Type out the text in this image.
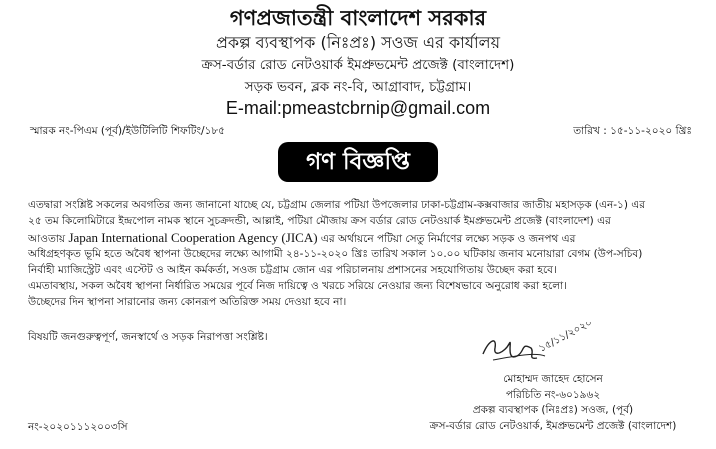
গণপ্রজাতন্ত্রী বাংলাদেশ সরকার
প্রকল্প ব্যবস্থাপক (নিঃপ্রঃ) সওজ এর কার্যালয়
ক্রস-বর্ডার রোড নেটওয়ার্ক ইমপ্রুভমেন্ট প্রজেক্ট (বাংলাদেশ)
সড়ক ভবন, ব্লক নং-বি, আগ্রাবাদ, চট্টগ্রাম।
E-mail:pmeastcbrnip@gmail.com
স্মারক নং-পিএম (পূর্ব)/ইউটিলিটি শিফটিং/১৮৫	তারিখ : ১৫-১১-২০২০ খ্রিঃ
গণ বিজ্ঞপ্তি
এতদ্বারা সংশ্লিষ্ট সকলের অবগতির জন্য জানানো যাচ্ছে যে, চট্টগ্রাম জেলার পটিয়া উপজেলার ঢাকা-চট্টগ্রাম-কক্সবাজার জাতীয় মহাসড়ক (এন-১) এর
২৫ তম কিলোমিটারে ইন্দ্রপোল নামক স্থানে সুচক্রদন্ডী, আল্লাই, পটিয়া মৌজায় ক্রস বর্ডার রোড নেটওয়ার্ক ইমপ্রুভমেন্ট প্রজেক্ট (বাংলাদেশ) এর
আওতায় Japan International Cooperation Agency (JICA) এর অর্থায়নে পটিয়া সেতু নির্মাণের লক্ষ্যে সড়ক ও জনপথ এর
অধিগ্রহণকৃত ভূমি হতে অবৈধ স্থাপনা উচ্ছেদের লক্ষ্যে আগামী ২৪-১১-২০২০ খ্রিঃ তারিখ সকাল ১০.০০ ঘটিকায় জনাব মনোয়ারা বেগম (উপ-সচিব)
নির্বাহী ম্যাজিস্ট্রেট এবং এস্টেট ও আইন কর্মকর্তা, সওজ চট্টগ্রাম জোন এর পরিচালনায় প্রশাসনের সহযোগিতায় উচ্ছেদ করা হবে।
এমতাবস্থায়, সকল অবৈধ স্থাপনা নির্ধারিত সময়ের পূর্বে নিজ দায়িত্বে ও খরচে সরিয়ে নেওয়ার জন্য বিশেষভাবে অনুরোধ করা হলো।
উচ্ছেদের দিন স্থাপনা সারানোর জন্য কোনরূপ অতিরিক্ত সময় দেওয়া হবে না।
বিষয়টি জনগুরুত্বপূর্ণ, জনস্বার্থে ও সড়ক নিরাপত্তা সংশ্লিষ্ট।	১৫/১১/২০২০
মোহাম্মদ জাহেদ হোসেন
পরিচিতি নং-৬০১৯৬২
প্রকল্প ব্যবস্থাপক (নিঃপ্রঃ) সওজ, (পূর্ব)
ক্রস-বর্ডার রোড নেটওয়ার্ক, ইমপ্রুভমেন্ট প্রজেক্ট (বাংলাদেশ)
নং-২০২০১১১২০০৩সি
